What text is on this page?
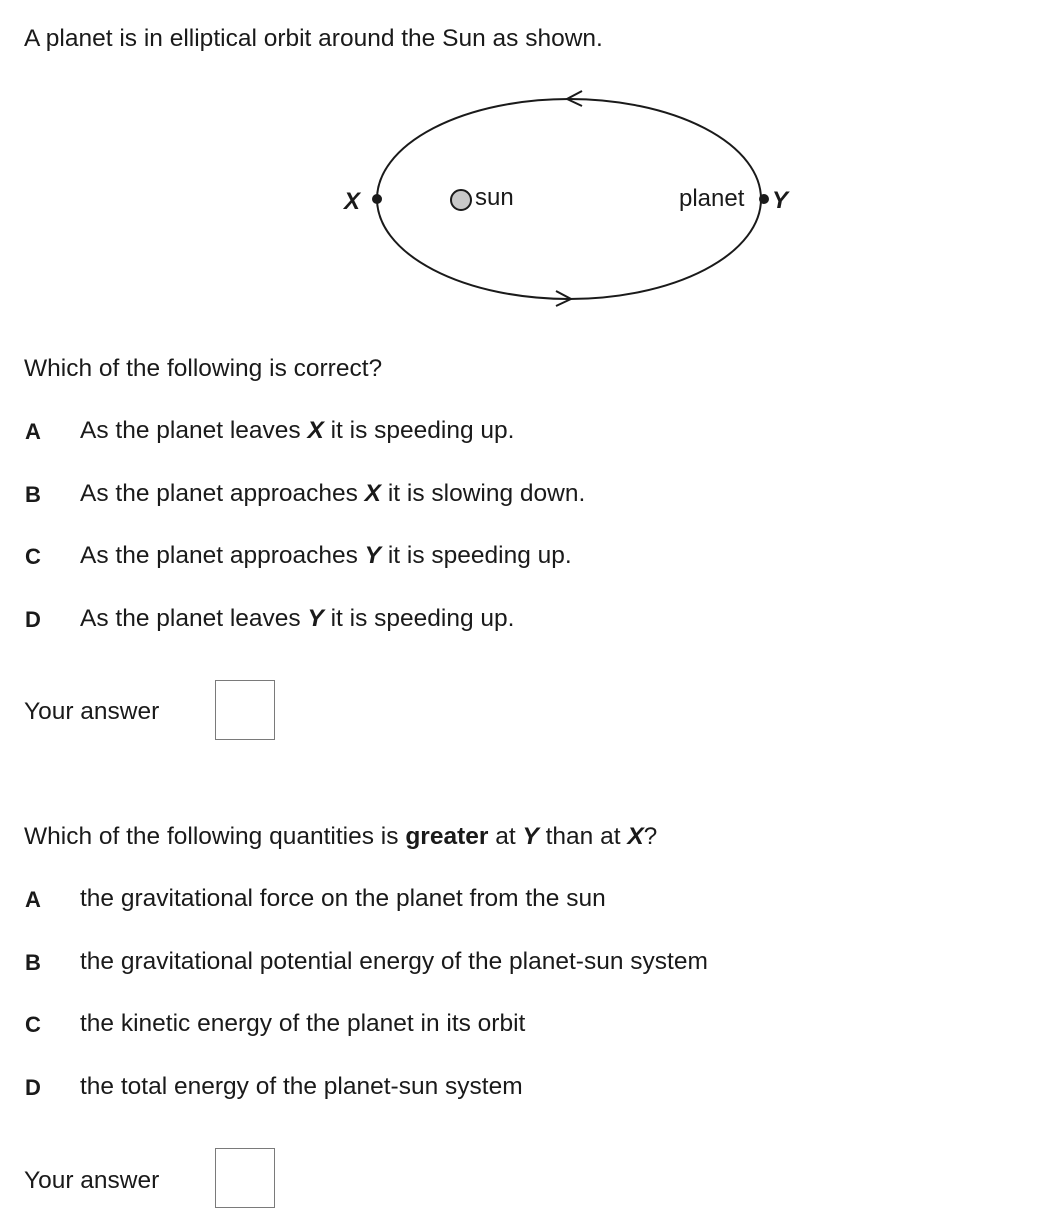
A planet is in elliptical orbit around the Sun as shown.
X	sun	planet Y
Which of the following is correct?
A As the planet leaves X it is speeding up.
B As the planet approaches X it is slowing down.
C As the planet approaches Y it is speeding up.
D As the planet leaves Y it is speeding up.
Your answer
Which of the following quantities is greater at Y than at X?
A the gravitational force on the planet from the sun
B the gravitational potential energy of the planet-sun system
C the kinetic energy of the planet in its orbit
D the total energy of the planet-sun system
Your answer
